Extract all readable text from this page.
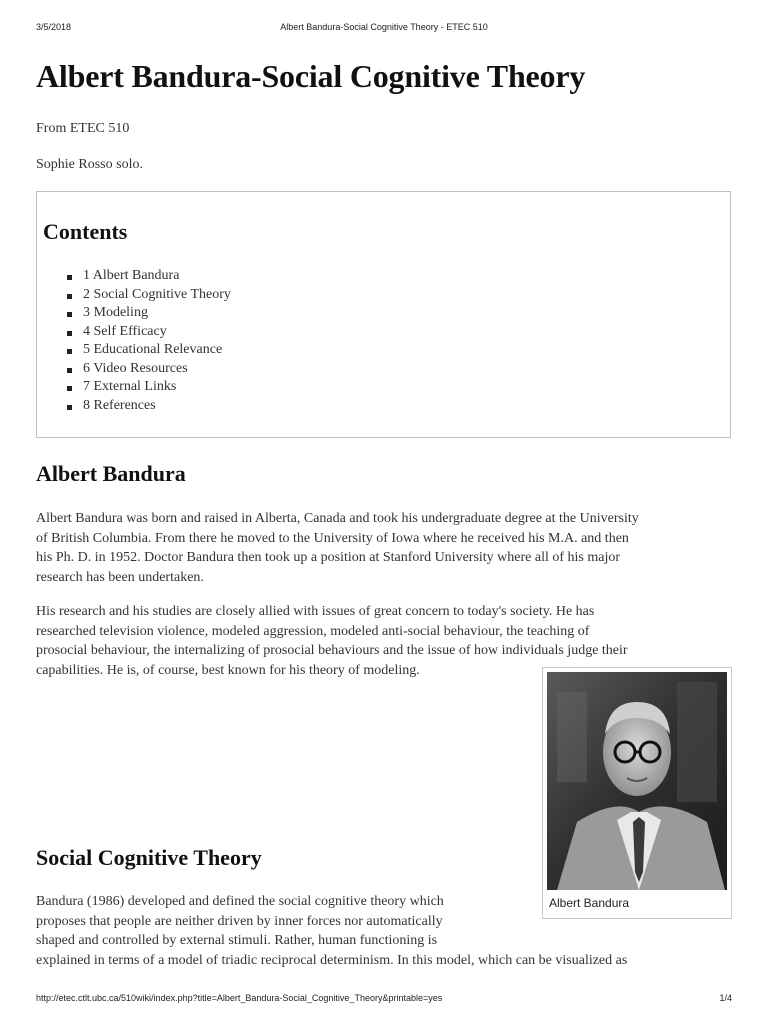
3/5/2018	Albert Bandura-Social Cognitive Theory - ETEC 510
Albert Bandura-Social Cognitive Theory

From ETEC 510

Sophie Rosso solo.

Contents
1 Albert Bandura
2 Social Cognitive Theory
3 Modeling
4 Self Efficacy
5 Educational Relevance
6 Video Resources
7 External Links
8 References
Albert Bandura
Albert Bandura was born and raised in Alberta, Canada and took his undergraduate degree at the University
of British Columbia. From there he moved to the University of Iowa where he received his M.A. and then
his Ph. D. in 1952. Doctor Bandura then took up a position at Stanford University where all of his major
research has been undertaken.
His research and his studies are closely allied with issues of great concern to today's society. He has
researched television violence, modeled aggression, modeled anti-social behaviour, the teaching of
prosocial behaviour, the internalizing of prosocial behaviours and the issue of how individuals judge their
capabilities. He is, of course, best known for his theory of modeling.
Albert Bandura
Social Cognitive Theory
Bandura (1986) developed and defined the social cognitive theory which
proposes that people are neither driven by inner forces nor automatically
shaped and controlled by external stimuli. Rather, human functioning is
explained in terms of a model of triadic reciprocal determinism. In this model, which can be visualized as
http://etec.ctlt.ubc.ca/510wiki/index.php?title=Albert_Bandura-Social_Cognitive_Theory&printable=yes	1/4
